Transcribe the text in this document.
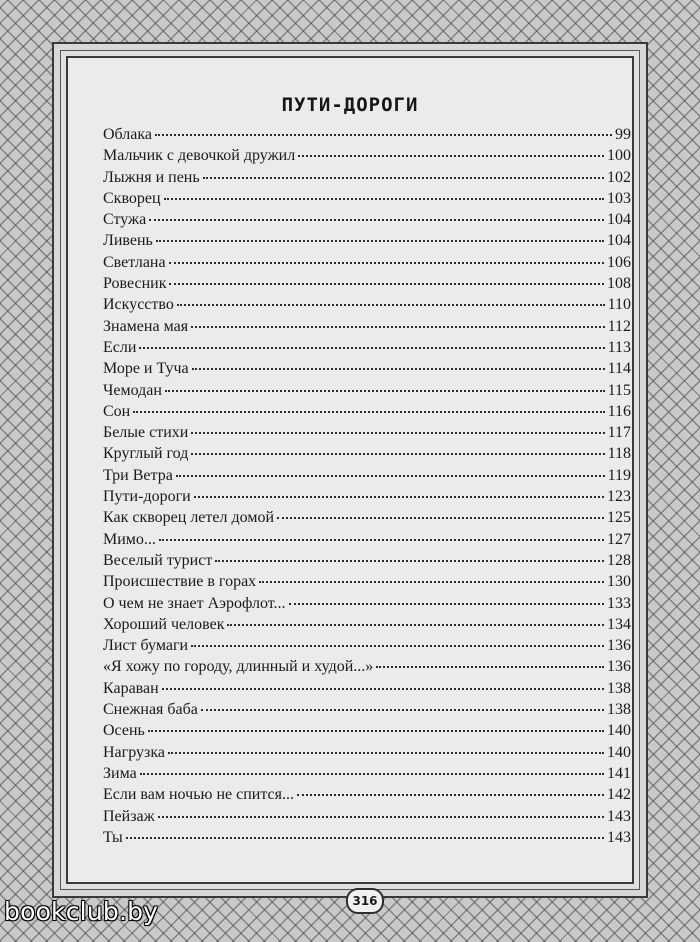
ПУТИ-ДОРОГИ
Облака	99
Мальчик с девочкой дружил	100
Лыжня и пень	102
Скворец	103
Стужа	104
Ливень	104
Светлана	106
Ровесник	108
Искусство	110
Знамена мая	112
Если	113
Море и Туча	114
Чемодан	115
Сон	116
Белые стихи	117
Круглый год	118
Три Ветра	119
Пути-дороги	123
Как скворец летел домой	125
Мимо...	127
Веселый турист	128
Происшествие в горах	130
О чем не знает Аэрофлот...	133
Хороший человек	134
Лист бумаги	136
«Я хожу по городу, длинный и худой...»	136
Караван	138
Снежная баба	138
Осень	140
Нагрузка	140
Зима	141
Если вам ночью не спится...	142
Пейзаж	143
Ты	143
316
bookclub.by
